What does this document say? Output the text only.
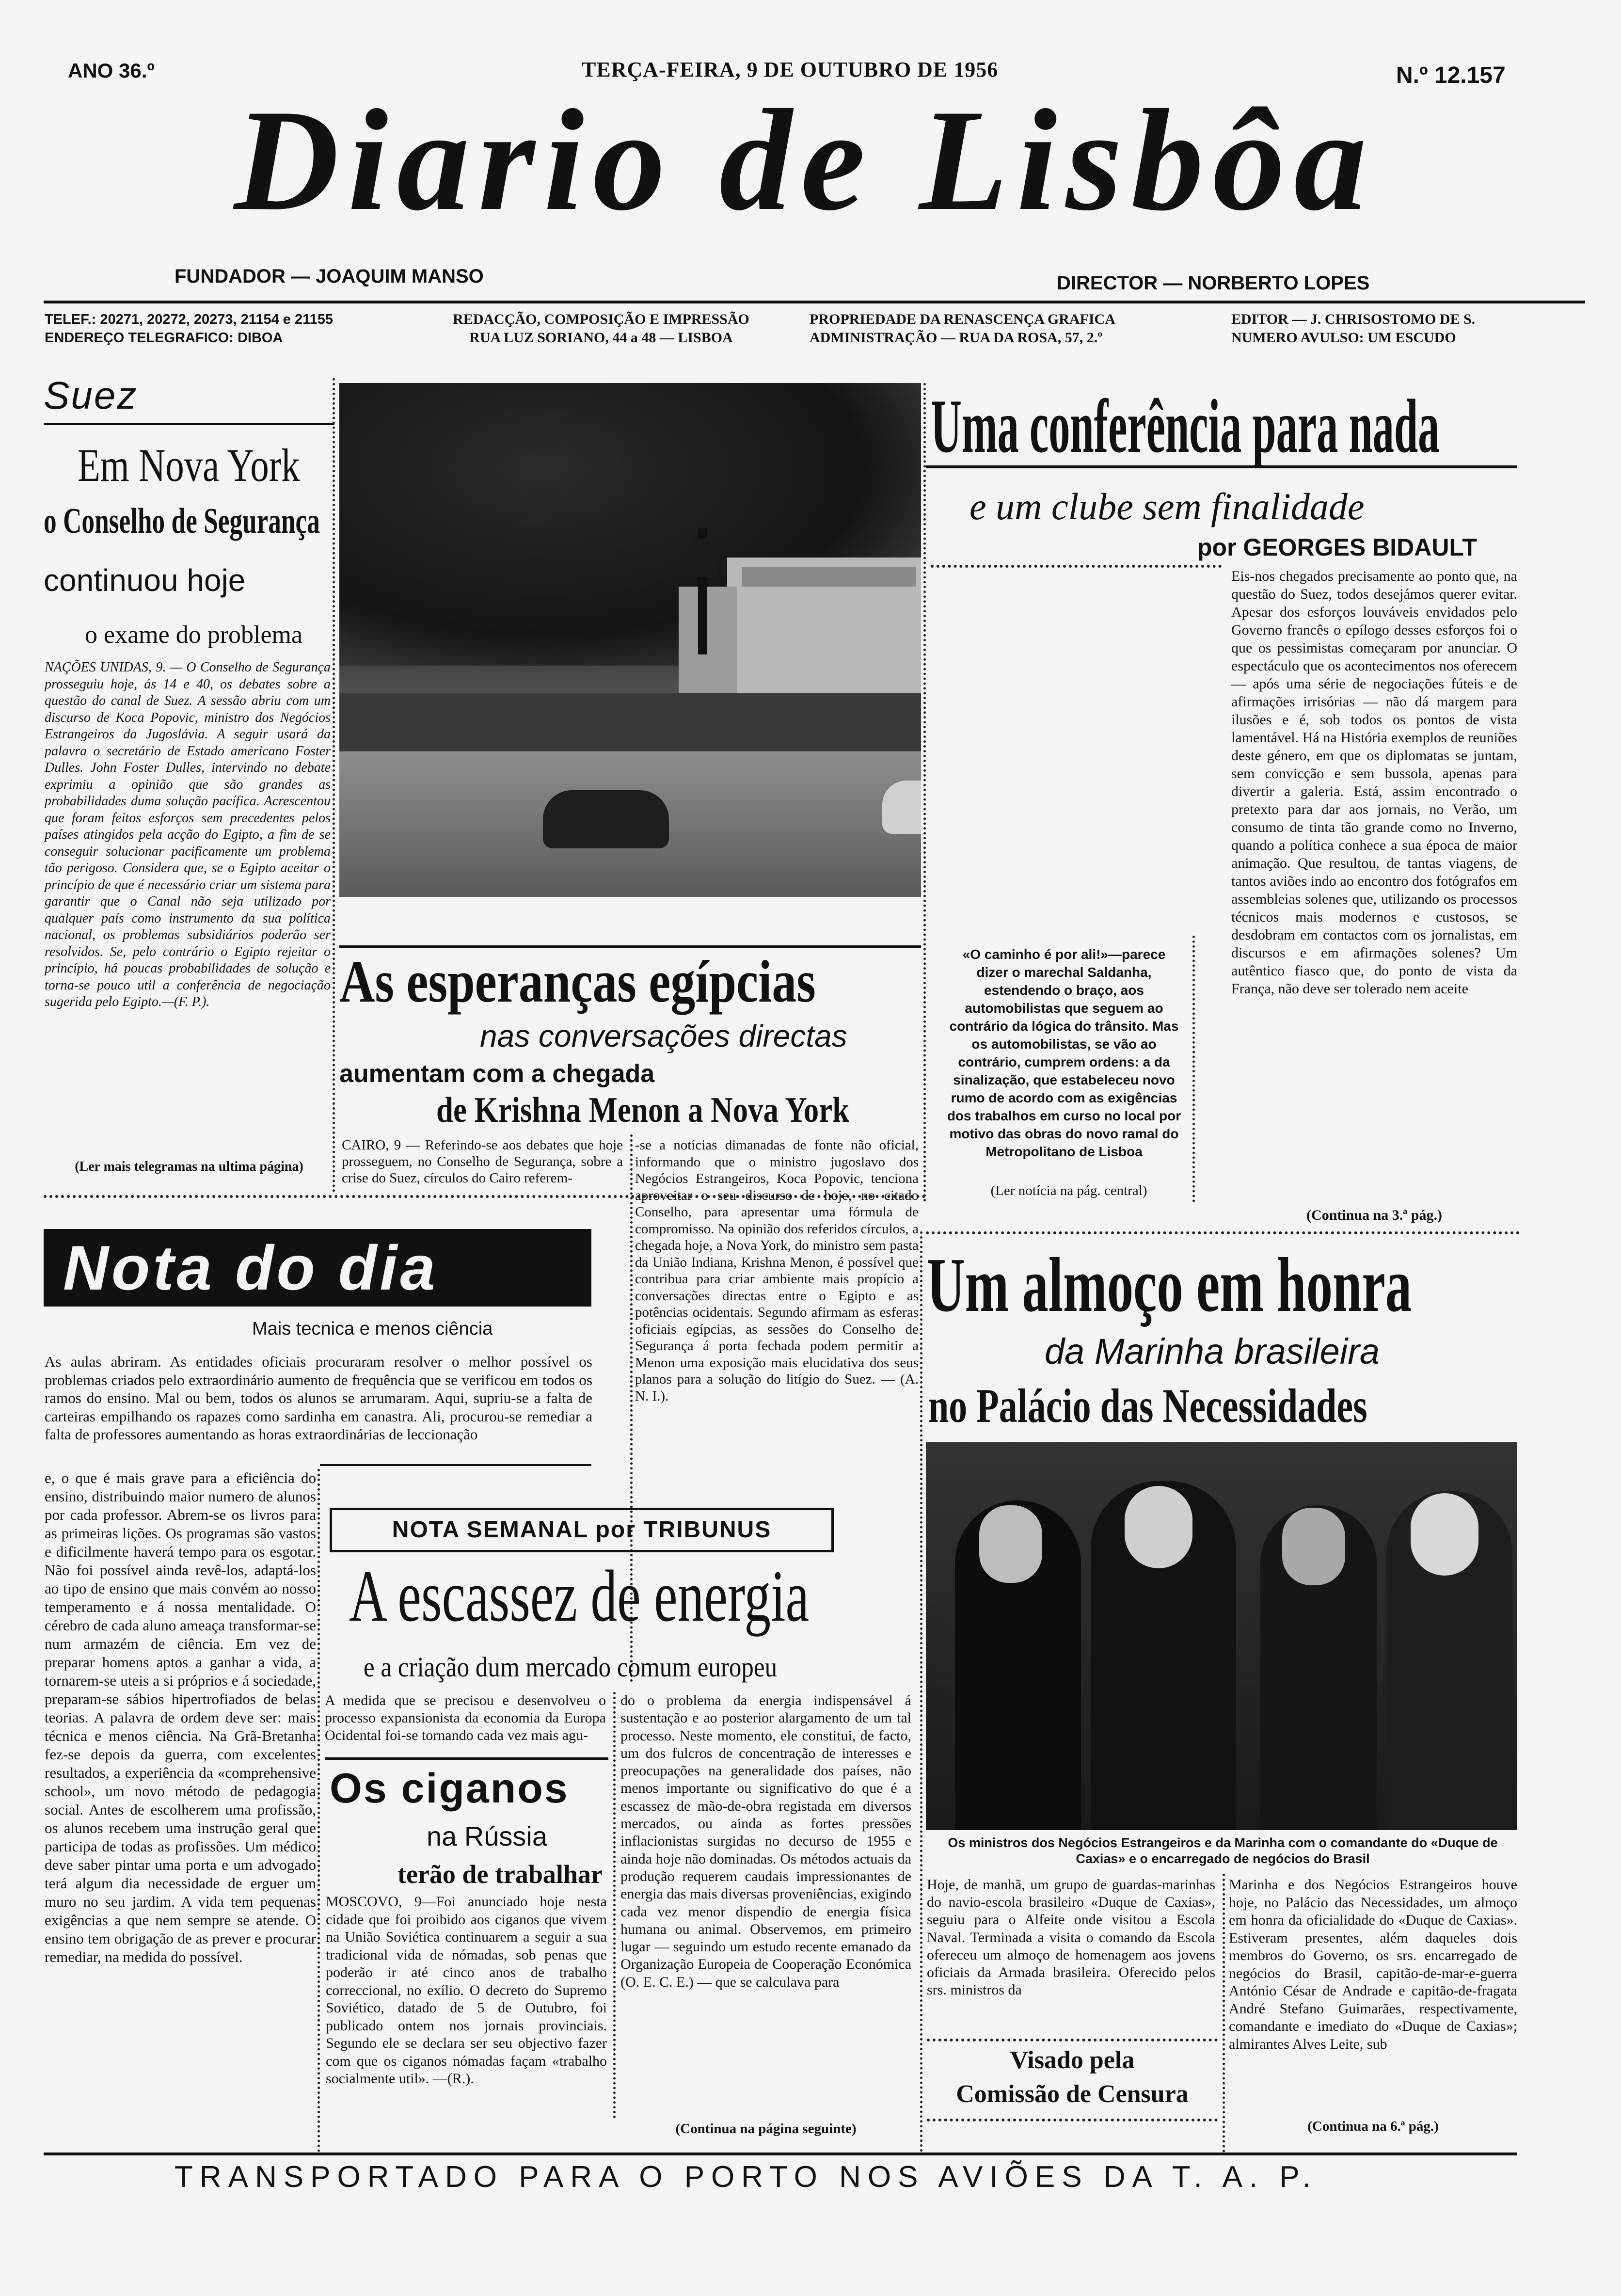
ANO 36.º	TERÇA-FEIRA, 9 DE OUTUBRO DE 1956	N.º 12.157
Diario de Lisbôa
FUNDADOR — JOAQUIM MANSO	DIRECTOR — NORBERTO LOPES
TELEF.: 20271, 20272, 20273, 21154 e 21155
ENDEREÇO TELEGRAFICO: DIBOA
REDACÇÃO, COMPOSIÇÃO E IMPRESSÃO
RUA LUZ SORIANO, 44 a 48 — LISBOA
PROPRIEDADE DA RENASCENÇA GRAFICA
ADMINISTRAÇÃO — RUA DA ROSA, 57, 2.º
EDITOR — J. CHRISOSTOMO DE S.
NUMERO AVULSO: UM ESCUDO
Suez
Em Nova York
o Conselho de Segurança
continuou hoje
o exame do problema
NAÇÕES UNIDAS, 9. — O Conselho de Segurança prosseguiu hoje, ás 14 e 40, os debates sobre a questão do canal de Suez. A sessão abriu com um discurso de Koca Popovic, ministro dos Negócios Estrangeiros da Jugoslávia. A seguir usará da palavra o secretário de Estado americano Foster Dulles. John Foster Dulles, intervindo no debate exprimiu a opinião que são grandes as probabilidades duma solução pacífica. Acrescentou que foram feitos esforços sem precedentes pelos países atingidos pela acção do Egipto, a fim de se conseguir solucionar pacificamente um problema tão perigoso. Considera que, se o Egipto aceitar o princípio de que é necessário criar um sistema para garantir que o Canal não seja utilizado por qualquer país como instrumento da sua política nacional, os problemas subsidiários poderão ser resolvidos. Se, pelo contrário o Egipto rejeitar o princípio, há poucas probabilidades de solução e torna-se pouco util a conferência de negociação sugerida pelo Egipto.—(F. P.).
(Ler mais telegramas na ultima página)
«O caminho é por ali!»—parece dizer o marechal Saldanha, estendendo o braço, aos automobilistas que seguem ao contrário da lógica do trânsito. Mas os automobilistas, se vão ao contrário, cumprem ordens: a da sinalização, que estabeleceu novo rumo de acordo com as exigências dos trabalhos em curso no local por motivo das obras do novo ramal do Metropolitano de Lisboa
(Ler notícia na pág. central)
As esperanças egípcias
nas conversações directas
aumentam com a chegada
de Krishna Menon a Nova York
CAIRO, 9 — Referindo-se aos debates que hoje prosseguem, no Conselho de Segurança, sobre a crise do Suez, círculos do Cairo referem-
-se a notícias dimanadas de fonte não oficial, informando que o ministro jugoslavo dos Negócios Estrangeiros, Koca Popovic, tenciona aproveitar o seu discurso de hoje, no citado Conselho, para apresentar uma fórmula de compromisso. Na opinião dos referidos círculos, a chegada hoje, a Nova York, do ministro sem pasta da União Indiana, Krishna Menon, é possível que contribua para criar ambiente mais propício a conversações directas entre o Egipto e as potências ocidentais. Segundo afirmam as esferas oficiais egípcias, as sessões do Conselho de Segurança á porta fechada podem permitir a Menon uma exposição mais elucidativa dos seus planos para a solução do litígio do Suez. — (A. N. I.).
Uma conferência para nada
e um clube sem finalidade
por GEORGES BIDAULT
Eis-nos chegados precisamente ao ponto que, na questão do Suez, todos desejámos querer evitar. Apesar dos esforços louváveis envidados pelo Governo francês o epílogo desses esforços foi o que os pessimistas começaram por anunciar. O espectáculo que os acontecimentos nos oferecem — após uma série de negociações fúteis e de afirmações irrisórias — não dá margem para ilusões e é, sob todos os pontos de vista lamentável. Há na História exemplos de reuniões deste género, em que os diplomatas se juntam, sem convicção e sem bussola, apenas para divertir a galeria. Está, assim encontrado o pretexto para dar aos jornais, no Verão, um consumo de tinta tão grande como no Inverno, quando a política conhece a sua época de maior animação. Que resultou, de tantas viagens, de tantos aviões indo ao encontro dos fotógrafos em assembleias solenes que, utilizando os processos técnicos mais modernos e custosos, se desdobram em contactos com os jornalistas, em discursos e em afirmações solenes? Um autêntico fiasco que, do ponto de vista da França, não deve ser tolerado nem aceite
(Continua na 3.ª pág.)
Nota do dia
Mais tecnica e menos ciência
As aulas abriram. As entidades oficiais procuraram resolver o melhor possível os problemas criados pelo extraordinário aumento de frequência que se verificou em todos os ramos do ensino. Mal ou bem, todos os alunos se arrumaram. Aqui, supriu-se a falta de carteiras empilhando os rapazes como sardinha em canastra. Ali, procurou-se remediar a falta de professores aumentando as horas extraordinárias de leccionação
e, o que é mais grave para a eficiência do ensino, distribuindo maior numero de alunos por cada professor. Abrem-se os livros para as primeiras lições. Os programas são vastos e dificilmente haverá tempo para os esgotar. Não foi possível ainda revê-los, adaptá-los ao tipo de ensino que mais convém ao nosso temperamento e á nossa mentalidade. O cérebro de cada aluno ameaça transformar-se num armazém de ciência. Em vez de preparar homens aptos a ganhar a vida, a tornarem-se uteis a si próprios e á sociedade, preparam-se sábios hipertrofiados de belas teorias. A palavra de ordem deve ser: mais técnica e menos ciência. Na Grã-Bretanha fez-se depois da guerra, com excelentes resultados, a experiência da «comprehensive school», um novo método de pedagogia social. Antes de escolherem uma profissão, os alunos recebem uma instrução geral que participa de todas as profissões. Um médico deve saber pintar uma porta e um advogado terá algum dia necessidade de erguer um muro no seu jardim. A vida tem pequenas exigências a que nem sempre se atende. O ensino tem obrigação de as prever e procurar remediar, na medida do possível.
NOTA SEMANAL por TRIBUNUS
A escassez de energia
e a criação dum mercado comum europeu
A medida que se precisou e desenvolveu o processo expansionista da economia da Europa Ocidental foi-se tornando cada vez mais agu-
do o problema da energia indispensável á sustentação e ao posterior alargamento de um tal processo. Neste momento, ele constitui, de facto, um dos fulcros de concentração de interesses e preocupações na generalidade dos países, não menos importante ou significativo do que é a escassez de mão-de-obra registada em diversos mercados, ou ainda as fortes pressões inflacionistas surgidas no decurso de 1955 e ainda hoje não dominadas. Os métodos actuais da produção requerem caudais impressionantes de energia das mais diversas proveniências, exigindo cada vez menor dispendio de energia física humana ou animal. Observemos, em primeiro lugar — seguindo um estudo recente emanado da Organização Europeia de Cooperação Económica (O. E. C. E.) — que se calculava para
(Continua na página seguinte)
Os ciganos
na Rússia
terão de trabalhar
MOSCOVO, 9—Foi anunciado hoje nesta cidade que foi proibido aos ciganos que vivem na União Soviética continuarem a seguir a sua tradicional vida de nómadas, sob penas que poderão ir até cinco anos de trabalho correccional, no exílio. O decreto do Supremo Soviético, datado de 5 de Outubro, foi publicado ontem nos jornais provinciais. Segundo ele se declara ser seu objectivo fazer com que os ciganos nómadas façam «trabalho socialmente util». —(R.).
Um almoço em honra
da Marinha brasileira
no Palácio das Necessidades
Os ministros dos Negócios Estrangeiros e da Marinha com o comandante do «Duque de Caxias» e o encarregado de negócios do Brasil
Hoje, de manhã, um grupo de guardas-marinhas do navio-escola brasileiro «Duque de Caxias», seguiu para o Alfeite onde visitou a Escola Naval. Terminada a visita o comando da Escola ofereceu um almoço de homenagem aos jovens oficiais da Armada brasileira. Oferecido pelos srs. ministros da
Marinha e dos Negócios Estrangeiros houve hoje, no Palácio das Necessidades, um almoço em honra da oficialidade do «Duque de Caxias». Estiveram presentes, além daqueles dois membros do Governo, os srs. encarregado de negócios do Brasil, capitão-de-mar-e-guerra António César de Andrade e capitão-de-fragata André Stefano Guimarães, respectivamente, comandante e imediato do «Duque de Caxias»; almirantes Alves Leite, sub
(Continua na 6.ª pág.)
Visado pela
Comissão de Censura
TRANSPORTADO PARA O PORTO NOS AVIÕES DA T. A. P.
